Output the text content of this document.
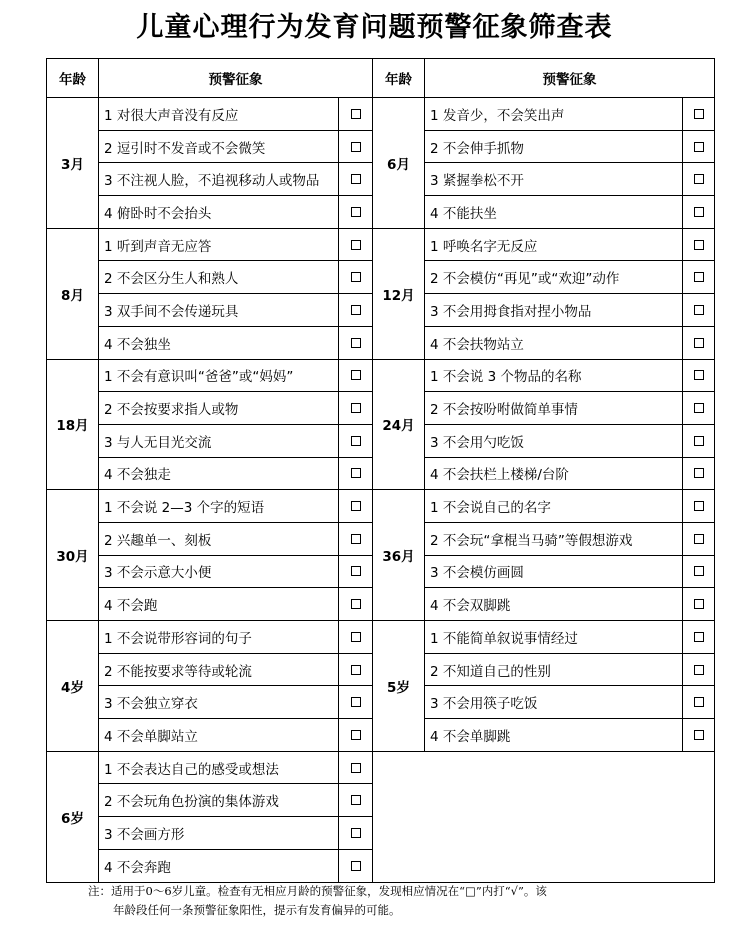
儿童心理行为发育问题预警征象筛查表
年龄	预警征象		年龄	预警征象	
3月	1 对很大声音没有反应		6月	1 发音少，不会笑出声	
	2 逗引时不发音或不会微笑			2 不会伸手抓物	
	3 不注视人脸，不追视移动人或物品			3 紧握拳松不开	
	4 俯卧时不会抬头			4 不能扶坐	
8月	1 听到声音无应答		12月	1 呼唤名字无反应	
	2 不会区分生人和熟人			2 不会模仿“再见”或“欢迎”动作	
	3 双手间不会传递玩具			3 不会用拇食指对捏小物品	
	4 不会独坐			4 不会扶物站立	
18月	1 不会有意识叫“爸爸”或“妈妈”		24月	1 不会说 3 个物品的名称	
	2 不会按要求指人或物			2 不会按吩咐做简单事情	
	3 与人无目光交流			3 不会用勺吃饭	
	4 不会独走			4 不会扶栏上楼梯/台阶	
30月	1 不会说 2—3 个字的短语		36月	1 不会说自己的名字	
	2 兴趣单一、刻板			2 不会玩“拿棍当马骑”等假想游戏	
	3 不会示意大小便			3 不会模仿画圆	
	4 不会跑			4 不会双脚跳	
4岁	1 不会说带形容词的句子		5岁	1 不能简单叙说事情经过	
	2 不能按要求等待或轮流			2 不知道自己的性别	
	3 不会独立穿衣			3 不会用筷子吃饭	
	4 不会单脚站立			4 不会单脚跳	
6岁	1 不会表达自己的感受或想法				
	2 不会玩角色扮演的集体游戏				
	3 不会画方形				
	4 不会奔跑				
注：适用于0～6岁儿童。检查有无相应月龄的预警征象，发现相应情况在“□”内打“√”。该
年龄段任何一条预警征象阳性，提示有发育偏异的可能。
